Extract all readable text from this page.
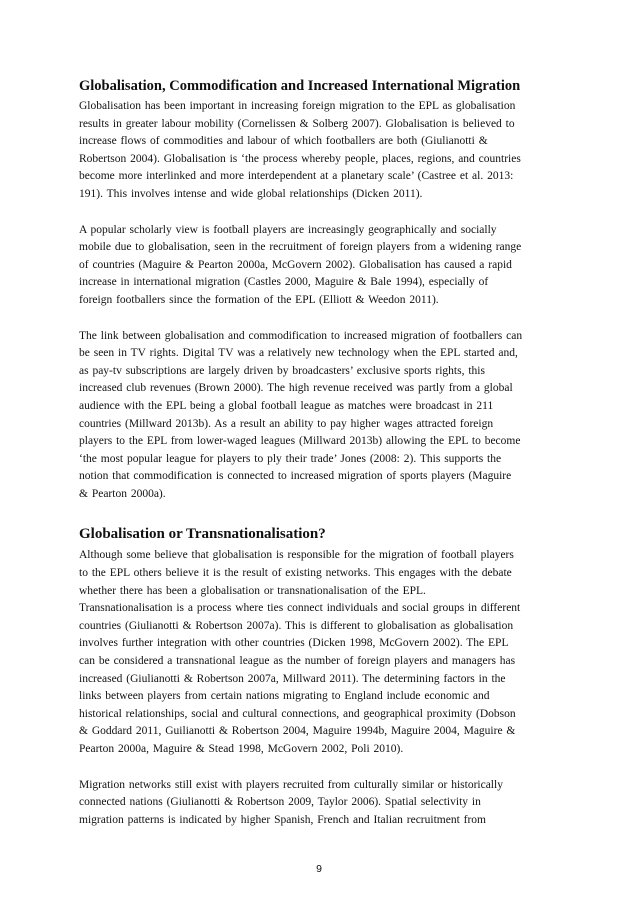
Globalisation, Commodification and Increased International Migration

Globalisation has been important in increasing foreign migration to the EPL as globalisation
results in greater labour mobility (Cornelissen & Solberg 2007). Globalisation is believed to
increase flows of commodities and labour of which footballers are both (Giulianotti &
Robertson 2004). Globalisation is ‘the process whereby people, places, regions, and countries
become more interlinked and more interdependent at a planetary scale’ (Castree et al. 2013:
191). This involves intense and wide global relationships (Dicken 2011).

A popular scholarly view is football players are increasingly geographically and socially
mobile due to globalisation, seen in the recruitment of foreign players from a widening range
of countries (Maguire & Pearton 2000a, McGovern 2002). Globalisation has caused a rapid
increase in international migration (Castles 2000, Maguire & Bale 1994), especially of
foreign footballers since the formation of the EPL (Elliott & Weedon 2011).

The link between globalisation and commodification to increased migration of footballers can
be seen in TV rights. Digital TV was a relatively new technology when the EPL started and,
as pay-tv subscriptions are largely driven by broadcasters’ exclusive sports rights, this
increased club revenues (Brown 2000). The high revenue received was partly from a global
audience with the EPL being a global football league as matches were broadcast in 211
countries (Millward 2013b). As a result an ability to pay higher wages attracted foreign
players to the EPL from lower-waged leagues (Millward 2013b) allowing the EPL to become
‘the most popular league for players to ply their trade’ Jones (2008: 2). This supports the
notion that commodification is connected to increased migration of sports players (Maguire
& Pearton 2000a).

Globalisation or Transnationalisation?

Although some believe that globalisation is responsible for the migration of football players
to the EPL others believe it is the result of existing networks. This engages with the debate
whether there has been a globalisation or transnationalisation of the EPL.
Transnationalisation is a process where ties connect individuals and social groups in different
countries (Giulianotti & Robertson 2007a). This is different to globalisation as globalisation
involves further integration with other countries (Dicken 1998, McGovern 2002). The EPL
can be considered a transnational league as the number of foreign players and managers has
increased (Giulianotti & Robertson 2007a, Millward 2011). The determining factors in the
links between players from certain nations migrating to England include economic and
historical relationships, social and cultural connections, and geographical proximity (Dobson
& Goddard 2011, Guilianotti & Robertson 2004, Maguire 1994b, Maguire 2004, Maguire &
Pearton 2000a, Maguire & Stead 1998, McGovern 2002, Poli 2010).

Migration networks still exist with players recruited from culturally similar or historically
connected nations (Giulianotti & Robertson 2009, Taylor 2006). Spatial selectivity in
migration patterns is indicated by higher Spanish, French and Italian recruitment from

9
